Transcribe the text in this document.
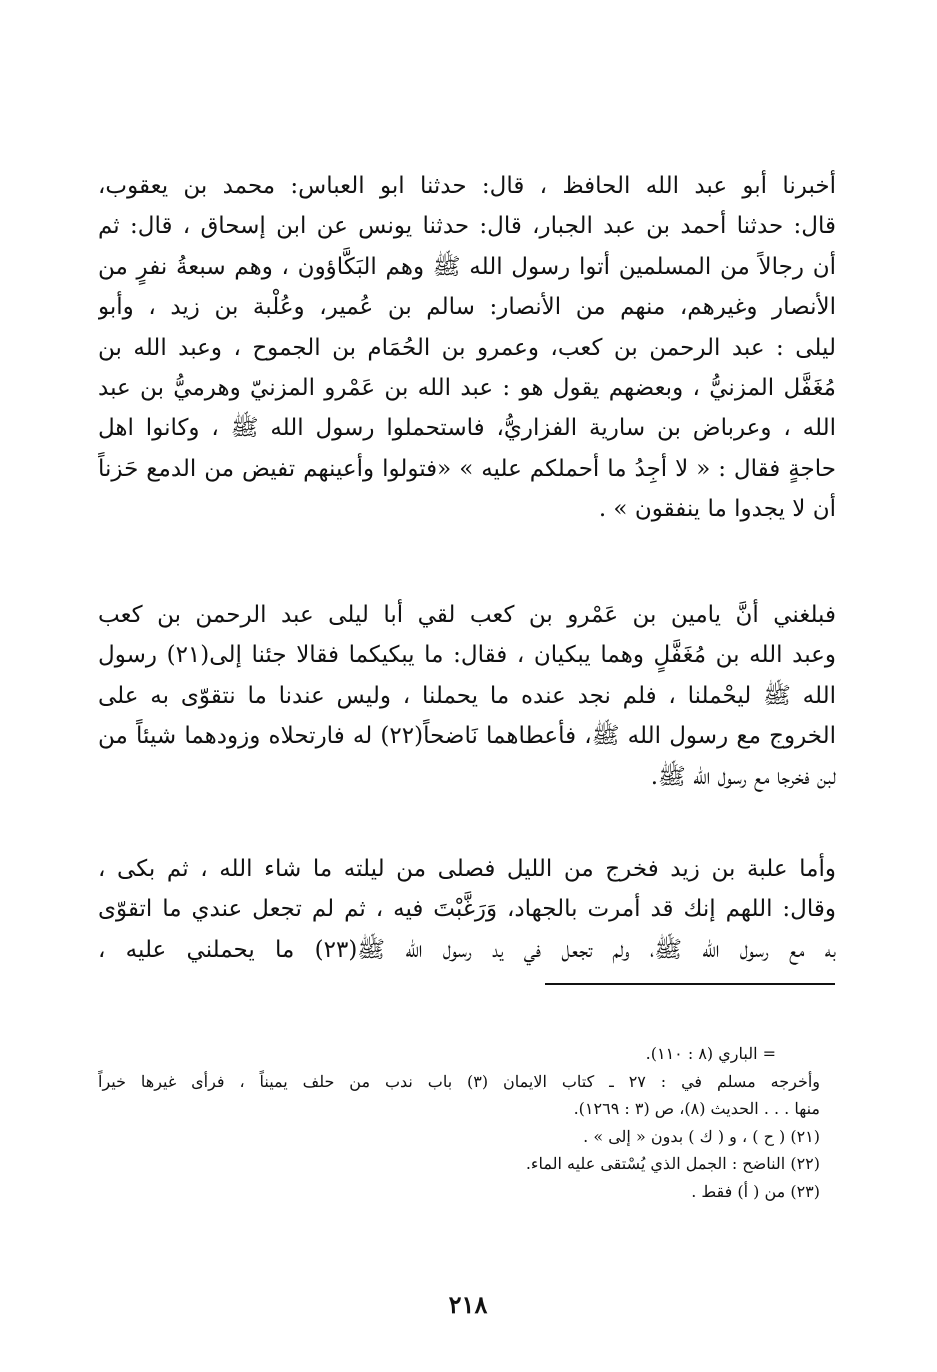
أخبرنا أبو عبد الله الحافظ ، قال: حدثنا ابو العباس: محمد بن يعقوب،
قال: حدثنا أحمد بن عبد الجبار، قال: حدثنا يونس عن ابن إسحاق ، قال: ثم
أن رجالاً من المسلمين أتوا رسول الله ﷺ وهم البَكَّاؤون ، وهم سبعةُ نفرٍ من
الأنصار وغيرهم، منهم من الأنصار: سالم بن عُمير، وعُلْبة بن زيد ، وأبو
ليلى : عبد الرحمن بن كعب، وعمرو بن الحُمَام بن الجموح ، وعبد الله بن
مُغَفَّل المزنيُّ ، وبعضهم يقول هو : عبد الله بن عَمْرو المزنيّ وهرميُّ بن عبد
الله ، وعرباض بن سارية الفزاريُّ، فاستحملوا رسول الله ﷺ ، وكانوا اهل
حاجةٍ فقال : « لا أجِدُ ما أحملكم عليه » «فتولوا وأعينهم تفيض من الدمع حَزناً
أن لا يجدوا ما ينفقون » .
فبلغني أنَّ يامين بن عَمْرو بن كعب لقي أبا ليلى عبد الرحمن بن كعب
وعبد الله بن مُغَفَّلٍ وهما يبكيان ، فقال: ما يبكيكما فقالا جئنا إلى(٢١) رسول
الله ﷺ ليحْملنا ، فلم نجد عنده ما يحملنا ، وليس عندنا ما نتقوّى به على
الخروج مع رسول الله ﷺ، فأعطاهما نَاضحاً(٢٢) له فارتحلاه وزودهما شيئاً من
لبن فخرجا مع رسول الله ﷺ.
وأما علبة بن زيد فخرج من الليل فصلى من ليلته ما شاء الله ، ثم بكى ،
وقال: اللهم إنك قد أمرت بالجهاد، وَرَغَّبْتَ فيه ، ثم لم تجعل عندي ما اتقوّى
به مع رسول الله ﷺ، ولم تجعل في يد رسول الله ﷺ(٢٣) ما يحملني عليه ،
= الباري (٨ : ١١٠).
وأخرجه مسلم في : ٢٧ ـ كتاب الايمان (٣) باب ندب من حلف يميناً ، فرأى غيرها خيراً
منها . . . الحديث (٨)، ص (٣ : ١٢٦٩).
(٢١) ( ح ) ، و ( ك ) بدون « إلى » .
(٢٢) الناضح : الجمل الذي يُسْتقى عليه الماء.
(٢٣) من ( أ) فقط .
٢١٨
